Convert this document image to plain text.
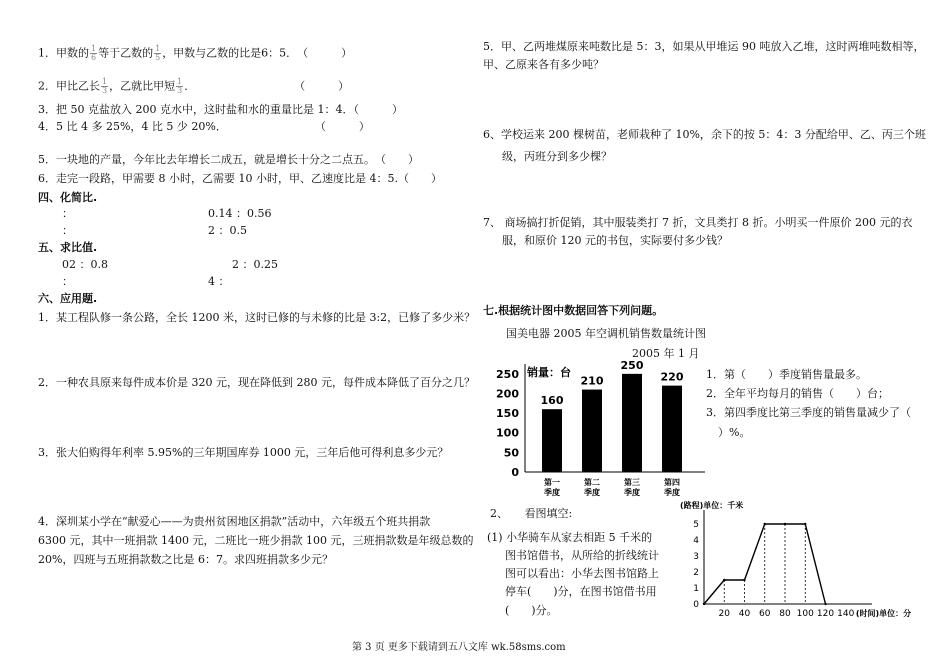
1．甲数的 $\frac{1}{6}$ 等于乙数的 $\frac{1}{5}$ ，甲数与乙数的比是6：5．　（　　　）
2．甲比乙长 $\frac{1}{3}$ ，乙就比甲短 $\frac{1}{3}$ ．　　　　　　　　　　（　　　）
3．把 50 克盐放入 200 克水中，这时盐和水的重量比是 1：4．（　　　）
4．5 比 4 多 25%，4 比 5 少 20%．　　　　　　　　　（　　　）
5．一块地的产量，今年比去年增长二成五，就是增长十分之二点五。　（　　）
6．走完一段路，甲需要 8 小时，乙需要 10 小时，甲、乙速度比是 4：5.（　　）
四、化简比.
：	0.14 ：0.56
：	2 ：0.5
五、求比值.
02 ：0.8	2 ：0.25
：	4 ：
六、应用题.
1．某工程队修一条公路，全长 1200 米，这时已修的与未修的比是 3:2，已修了多少米？
2．一种农具原来每件成本价是 320 元，现在降低到 280 元，每件成本降低了百分之几？
3．张大伯购得年利率 5.95%的三年期国库券 1000 元，三年后他可得利息多少元？
4．深圳某小学在“献爱心——为贵州贫困地区捐款”活动中，六年级五个班共捐款
6300 元，其中一班捐款 1400 元，二班比一班少捐款 100 元，三班捐款数是年级总数的
20%，四班与五班捐款数之比是 6：7。求四班捐款多少元？
5．甲、乙两堆煤原来吨数比是 5：3，如果从甲堆运 90 吨放入乙堆，这时两堆吨数相等，
甲、乙原来各有多少吨？
6、学校运来 200 棵树苗，老师栽种了 10%，余下的按 5：4：3 分配给甲、乙、丙三个班
级，丙班分到多少棵？
7、 商场搞打折促销，其中服装类打 7 折，文具类打 8 折。小明买一件原价 200 元的衣
服，和原价 120 元的书包，实际要付多少钱？
七.根据统计图中数据回答下列问题。
国美电器 2005 年空调机销售数量统计图
2005 年 1 月
销量：台
0
50
100
150
200
250
160
第一
季度
210
第二
季度
250
第三
季度
220
第四
季度
1．第（　　）季度销售量最多。
2．全年平均每月的销售（　　）台；
3．第四季度比第三季度的销售量减少了（
）%。
2、　　看图填空:
(1) 小华骑车从家去相距 5 千米的
图书馆借书，从所给的折线统计
图可以看出：小华去图书馆路上
停车(　　)分，在图书馆借书用
(　　)分。
(路程)单位：千米
0
1
2
3
4
5
20 40 60 80 100 120 140 (时间)单位：分
第 3 页 更多下载请到五八文库 wk.58sms.com
